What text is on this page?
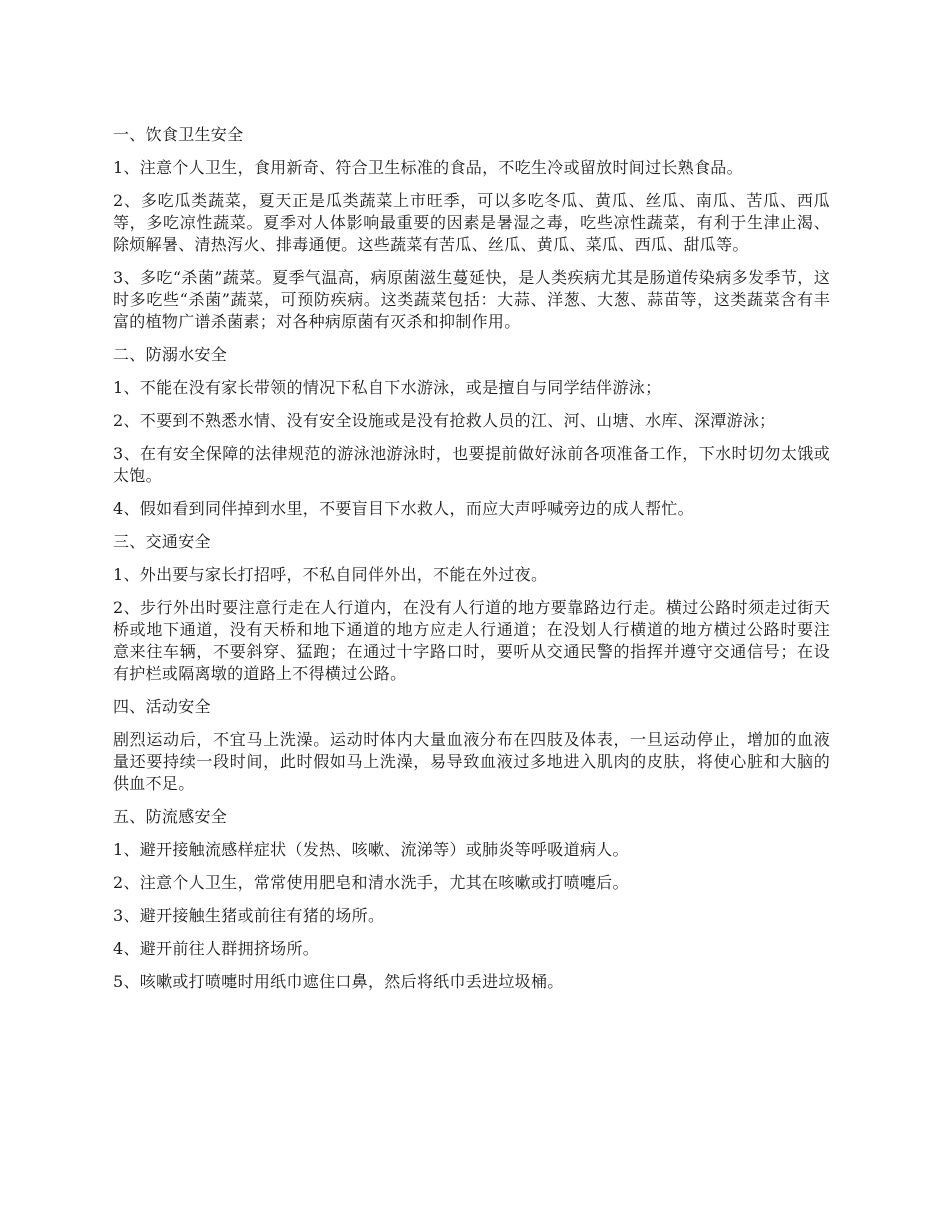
一、饮食卫生安全

1、注意个人卫生，食用新奇、符合卫生标准的食品，不吃生冷或留放时间过长熟食品。

2、多吃瓜类蔬菜，夏天正是瓜类蔬菜上市旺季，可以多吃冬瓜、黄瓜、丝瓜、南瓜、苦瓜、西瓜等，多吃凉性蔬菜。夏季对人体影响最重要的因素是暑湿之毒，吃些凉性蔬菜，有利于生津止渴、除烦解暑、清热泻火、排毒通便。这些蔬菜有苦瓜、丝瓜、黄瓜、菜瓜、西瓜、甜瓜等。

3、多吃“杀菌”蔬菜。夏季气温高，病原菌滋生蔓延快，是人类疾病尤其是肠道传染病多发季节，这时多吃些“杀菌”蔬菜，可预防疾病。这类蔬菜包括：大蒜、洋葱、大葱、蒜苗等，这类蔬菜含有丰富的植物广谱杀菌素；对各种病原菌有灭杀和抑制作用。

二、防溺水安全

1、不能在没有家长带领的情况下私自下水游泳，或是擅自与同学结伴游泳；

2、不要到不熟悉水情、没有安全设施或是没有抢救人员的江、河、山塘、水库、深潭游泳；

3、在有安全保障的法律规范的游泳池游泳时，也要提前做好泳前各项准备工作，下水时切勿太饿或太饱。

4、假如看到同伴掉到水里，不要盲目下水救人，而应大声呼喊旁边的成人帮忙。

三、交通安全

1、外出要与家长打招呼，不私自同伴外出，不能在外过夜。

2、步行外出时要注意行走在人行道内，在没有人行道的地方要靠路边行走。横过公路时须走过街天桥或地下通道，没有天桥和地下通道的地方应走人行通道；在没划人行横道的地方横过公路时要注意来往车辆，不要斜穿、猛跑；在通过十字路口时，要听从交通民警的指挥并遵守交通信号；在设有护栏或隔离墩的道路上不得横过公路。

四、活动安全

剧烈运动后，不宜马上洗澡。运动时体内大量血液分布在四肢及体表，一旦运动停止，增加的血液量还要持续一段时间，此时假如马上洗澡，易导致血液过多地进入肌肉的皮肤，将使心脏和大脑的供血不足。

五、防流感安全

1、避开接触流感样症状（发热、咳嗽、流涕等）或肺炎等呼吸道病人。

2、注意个人卫生，常常使用肥皂和清水洗手，尤其在咳嗽或打喷嚏后。

3、避开接触生猪或前往有猪的场所。

4、避开前往人群拥挤场所。

5、咳嗽或打喷嚏时用纸巾遮住口鼻，然后将纸巾丢进垃圾桶。
